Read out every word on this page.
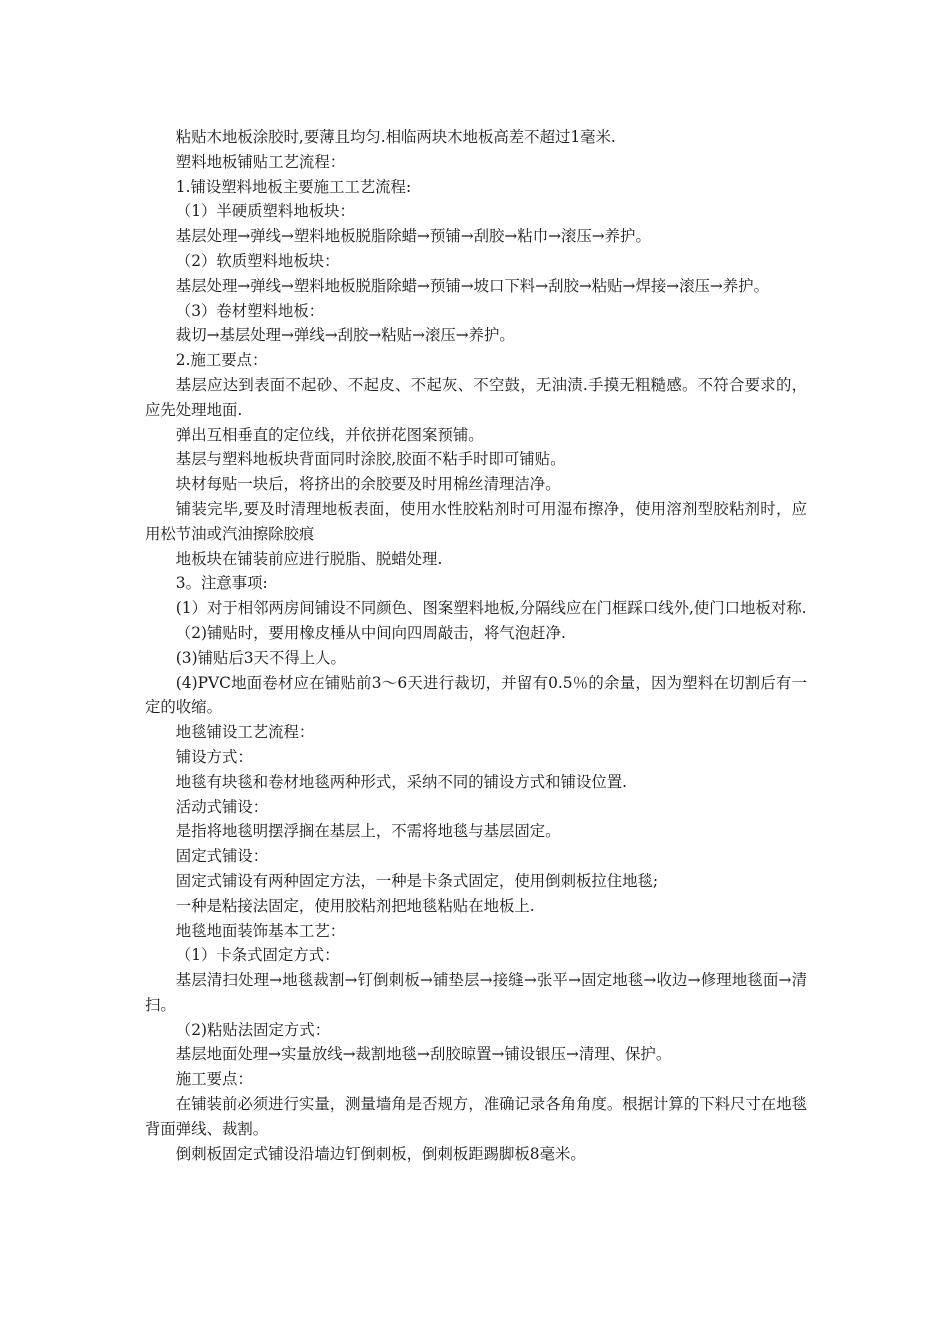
粘贴木地板涂胶时,要薄且均匀.相临两块木地板高差不超过1毫米.

塑料地板铺贴工艺流程：

1.铺设塑料地板主要施工工艺流程:

（1）半硬质塑料地板块：

基层处理→弹线→塑料地板脱脂除蜡→预铺→刮胶→粘巾→滚压→养护。

（2）软质塑料地板块：

基层处理→弹线→塑料地板脱脂除蜡→预铺→坡口下料→刮胶→粘贴→焊接→滚压→养护。

（3）卷材塑料地板：

裁切→基层处理→弹线→刮胶→粘贴→滚压→养护。

2.施工要点：

基层应达到表面不起砂、不起皮、不起灰、不空鼓，无油渍.手摸无粗糙感。不符合要求的，应先处理地面.

弹出互相垂直的定位线，并依拼花图案预铺。

基层与塑料地板块背面同时涂胶,胶面不粘手时即可铺贴。

块材每贴一块后，将挤出的余胶要及时用棉丝清理洁净。

铺装完毕,要及时清理地板表面，使用水性胶粘剂时可用湿布擦净，使用溶剂型胶粘剂时，应用松节油或汽油擦除胶痕

地板块在铺装前应进行脱脂、脱蜡处理.

3。注意事项:

(1）对于相邻两房间铺设不同颜色、图案塑料地板,分隔线应在门框踩口线外,使门口地板对称.

（2)铺贴时，要用橡皮棰从中间向四周敲击，将气泡赶净.

(3)铺贴后3天不得上人。

(4)PVC地面卷材应在铺贴前3～6天进行裁切，并留有0.5％的余量，因为塑料在切割后有一定的收缩。

地毯铺设工艺流程：

铺设方式：

地毯有块毯和卷材地毯两种形式，采纳不同的铺设方式和铺设位置.

活动式铺设：

是指将地毯明摆浮搁在基层上，不需将地毯与基层固定。

固定式铺设：

固定式铺设有两种固定方法，一种是卡条式固定，使用倒刺板拉住地毯;

一种是粘接法固定，使用胶粘剂把地毯粘贴在地板上.

地毯地面装饰基本工艺：

（1）卡条式固定方式：

基层清扫处理→地毯裁割→钉倒刺板→铺垫层→接缝→张平→固定地毯→收边→修理地毯面→清扫。

（2)粘贴法固定方式：

基层地面处理→实量放线→裁割地毯→刮胶晾置→铺设银压→清理、保护。

施工要点：

在铺装前必须进行实量，测量墙角是否规方，准确记录各角角度。根据计算的下料尺寸在地毯背面弹线、裁割。

倒刺板固定式铺设沿墙边钉倒刺板，倒刺板距踢脚板8毫米。
